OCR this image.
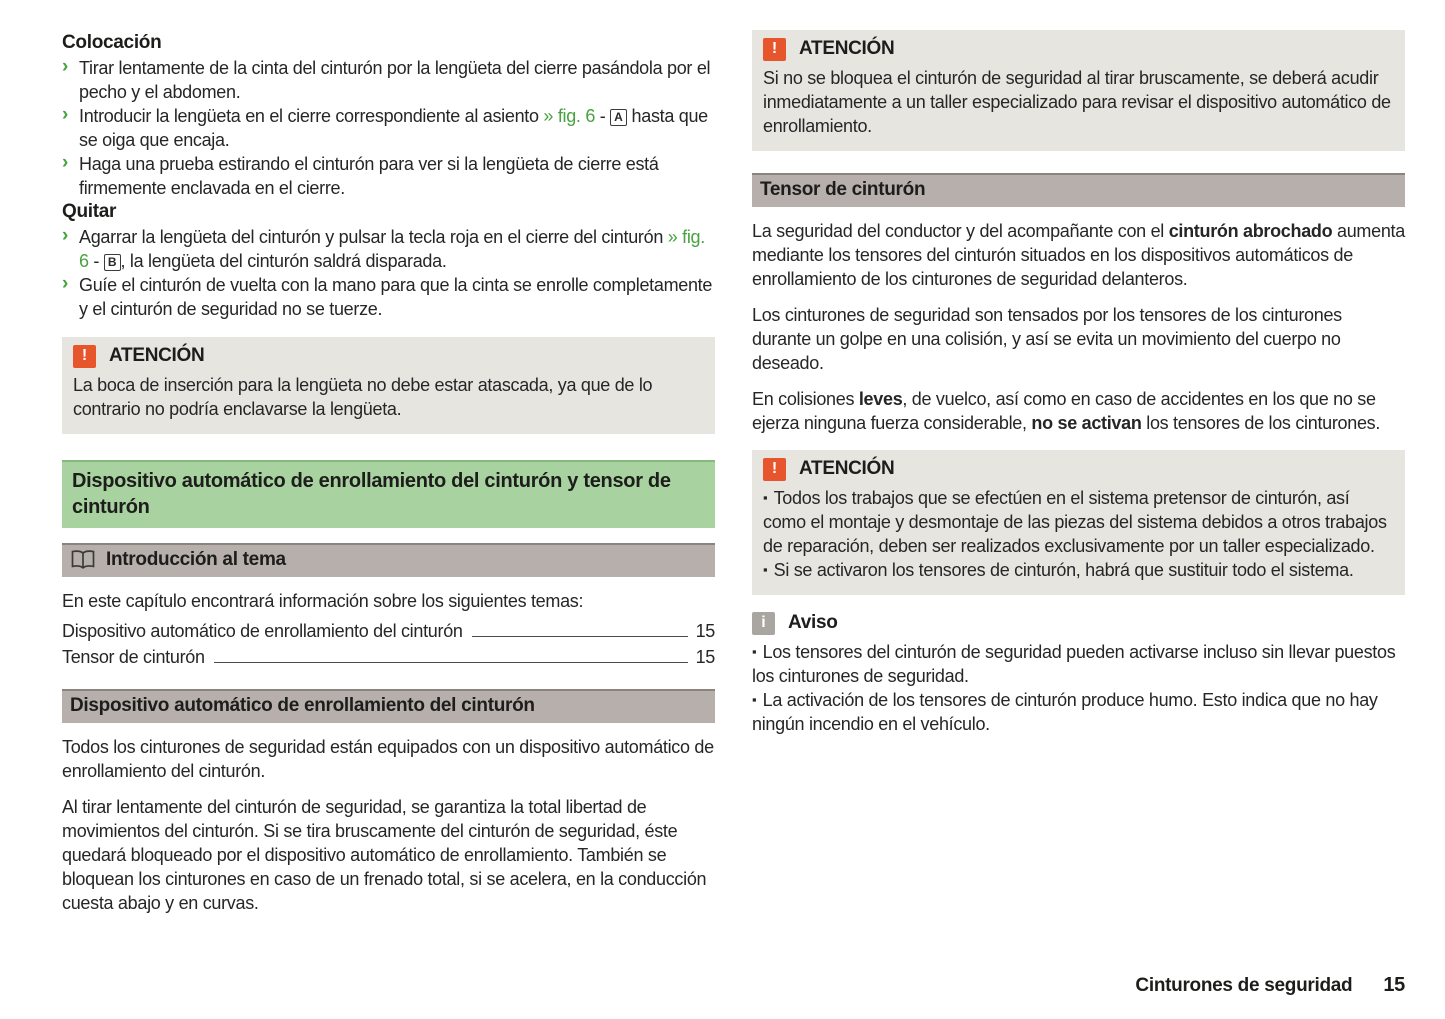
Colocación
› Tirar lentamente de la cinta del cinturón por la lengüeta del cierre pasándola por el pecho y el abdomen.
› Introducir la lengüeta en el cierre correspondiente al asiento » fig. 6 - A hasta que se oiga que encaja.
› Haga una prueba estirando el cinturón para ver si la lengüeta de cierre está firmemente enclavada en el cierre.
Quitar
› Agarrar la lengüeta del cinturón y pulsar la tecla roja en el cierre del cinturón » fig. 6 - B , la lengüeta del cinturón saldrá disparada.
› Guíe el cinturón de vuelta con la mano para que la cinta se enrolle completamente y el cinturón de seguridad no se tuerze.
!	ATENCIÓN
La boca de inserción para la lengüeta no debe estar atascada, ya que de lo contrario no podría enclavarse la lengüeta.
Dispositivo automático de enrollamiento del cinturón y tensor de cinturón
Introducción al tema

En este capítulo encontrará información sobre los siguientes temas:

Dispositivo automático de enrollamiento del cinturón	15
Tensor de cinturón	15
Dispositivo automático de enrollamiento del cinturón

Todos los cinturones de seguridad están equipados con un dispositivo automático de enrollamiento del cinturón.

Al tirar lentamente del cinturón de seguridad, se garantiza la total libertad de movimientos del cinturón. Si se tira bruscamente del cinturón de seguridad, éste quedará bloqueado por el dispositivo automático de enrollamiento. También se bloquean los cinturones en caso de un frenado total, si se acelera, en la conducción cuesta abajo y en curvas.

!	ATENCIÓN
Si no se bloquea el cinturón de seguridad al tirar bruscamente, se deberá acudir inmediatamente a un taller especializado para revisar el dispositivo automático de enrollamiento.
Tensor de cinturón

La seguridad del conductor y del acompañante con el cinturón abrochado aumenta mediante los tensores del cinturón situados en los dispositivos automáticos de enrollamiento de los cinturones de seguridad delanteros.

Los cinturones de seguridad son tensados por los tensores de los cinturones durante un golpe en una colisión, y así se evita un movimiento del cuerpo no deseado.

En colisiones leves, de vuelco, así como en caso de accidentes en los que no se ejerza ninguna fuerza considerable, no se activan los tensores de los cinturones.

!	ATENCIÓN
▪ Todos los trabajos que se efectúen en el sistema pretensor de cinturón, así como el montaje y desmontaje de las piezas del sistema debidos a otros trabajos de reparación, deben ser realizados exclusivamente por un taller especializado.
▪ Si se activaron los tensores de cinturón, habrá que sustituir todo el sistema.
i	Aviso
▪ Los tensores del cinturón de seguridad pueden activarse incluso sin llevar puestos los cinturones de seguridad.
▪ La activación de los tensores de cinturón produce humo. Esto indica que no hay ningún incendio en el vehículo.
Cinturones de seguridad 15
